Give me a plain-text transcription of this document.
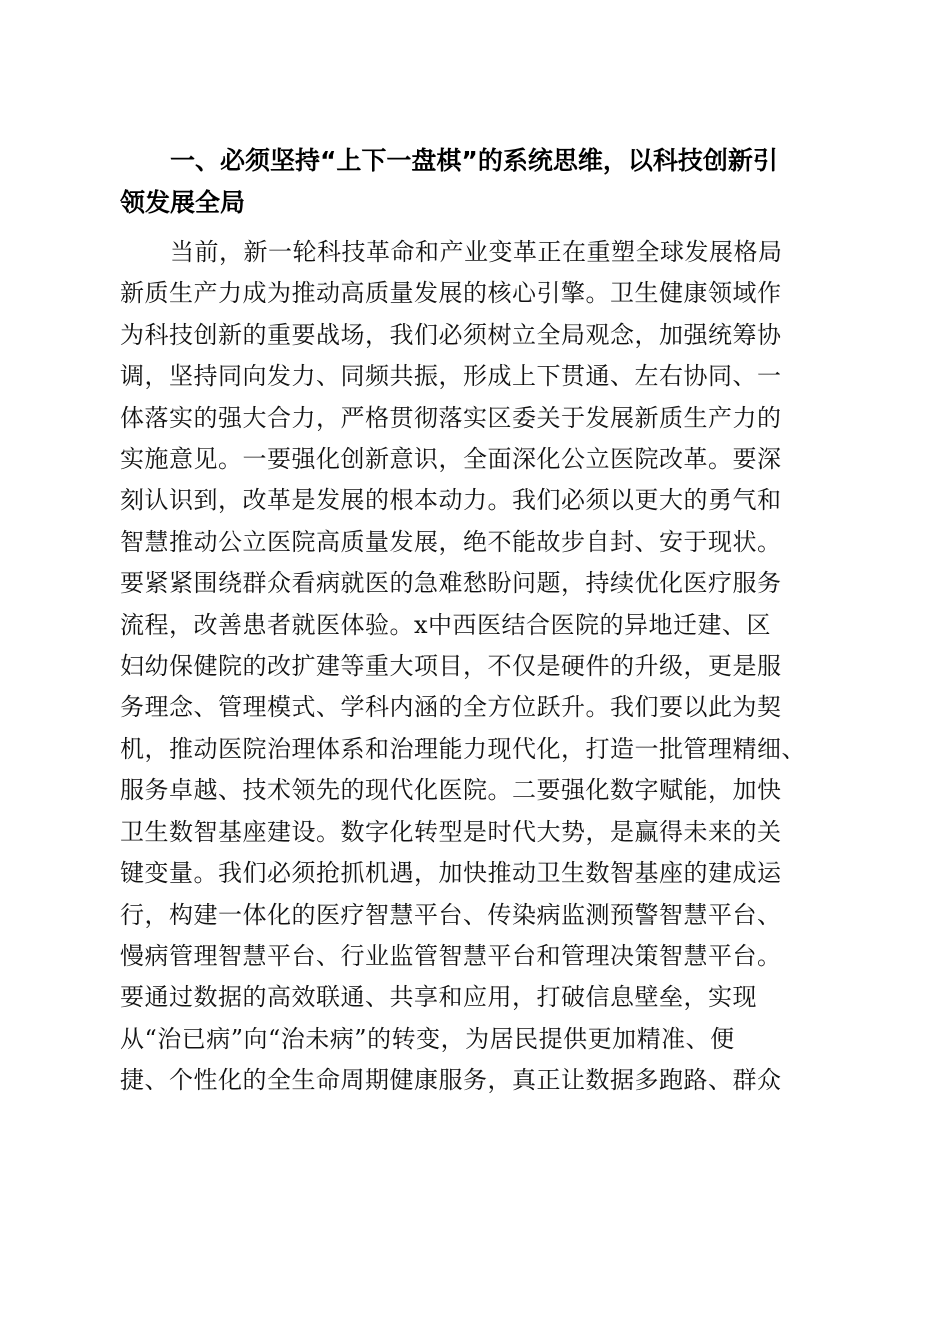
一、必须坚持“上下一盘棋”的系统思维，以科技创新引
领发展全局

当前，新一轮科技革命和产业变革正在重塑全球发展格局
新质生产力成为推动高质量发展的核心引擎。卫生健康领域作
为科技创新的重要战场，我们必须树立全局观念，加强统筹协
调，坚持同向发力、同频共振，形成上下贯通、左右协同、一
体落实的强大合力，严格贯彻落实区委关于发展新质生产力的
实施意见。一要强化创新意识，全面深化公立医院改革。要深
刻认识到，改革是发展的根本动力。我们必须以更大的勇气和
智慧推动公立医院高质量发展，绝不能故步自封、安于现状。
要紧紧围绕群众看病就医的急难愁盼问题，持续优化医疗服务
流程，改善患者就医体验。x中西医结合医院的异地迁建、区
妇幼保健院的改扩建等重大项目，不仅是硬件的升级，更是服
务理念、管理模式、学科内涵的全方位跃升。我们要以此为契
机，推动医院治理体系和治理能力现代化，打造一批管理精细、
服务卓越、技术领先的现代化医院。二要强化数字赋能，加快
卫生数智基座建设。数字化转型是时代大势，是赢得未来的关
键变量。我们必须抢抓机遇，加快推动卫生数智基座的建成运
行，构建一体化的医疗智慧平台、传染病监测预警智慧平台、
慢病管理智慧平台、行业监管智慧平台和管理决策智慧平台。
要通过数据的高效联通、共享和应用，打破信息壁垒，实现
从“治已病”向“治未病”的转变，为居民提供更加精准、便
捷、个性化的全生命周期健康服务，真正让数据多跑路、群众
